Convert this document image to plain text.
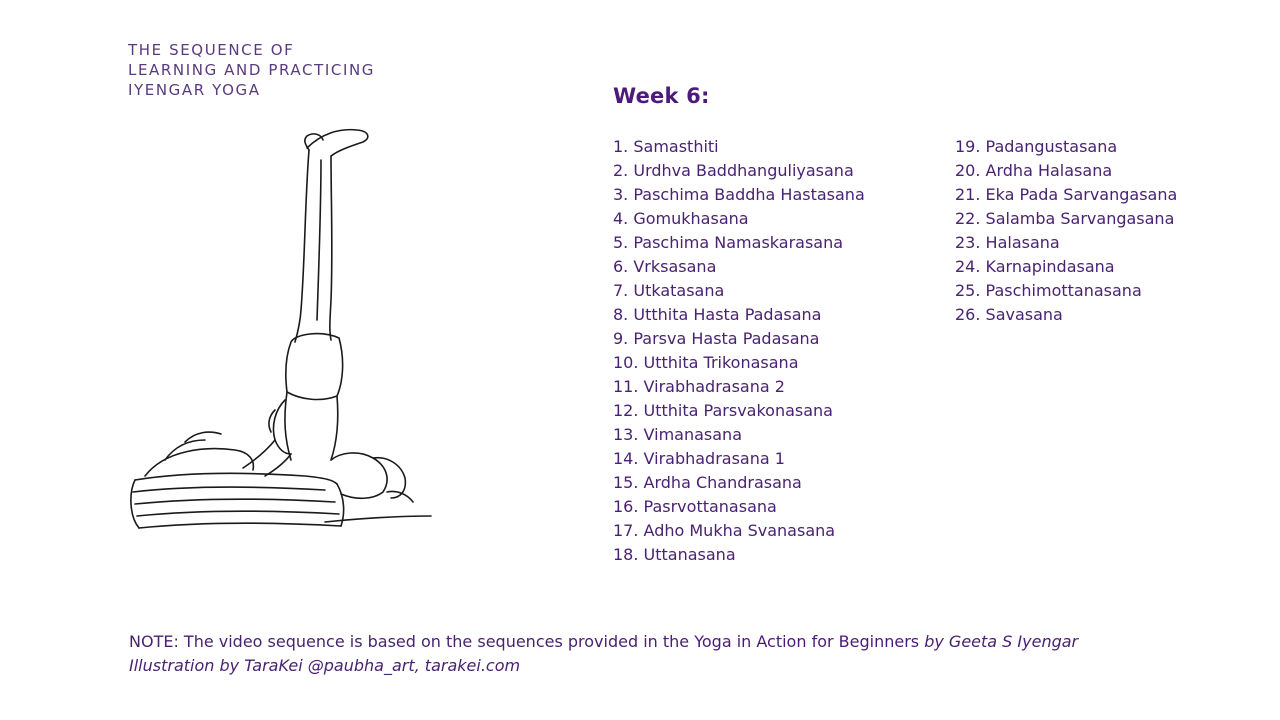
THE SEQUENCE OF
LEARNING AND PRACTICING
IYENGAR YOGA	Week 6:
1. Samasthiti
2. Urdhva Baddhanguliyasana
3. Paschima Baddha Hastasana
4. Gomukhasana
5. Paschima Namaskarasana
6. Vrksasana
7. Utkatasana
8. Utthita Hasta Padasana
9. Parsva Hasta Padasana
10. Utthita Trikonasana
11. Virabhadrasana 2
12. Utthita Parsvakonasana
13. Vimanasana
14. Virabhadrasana 1
15. Ardha Chandrasana
16. Pasrvottanasana
17. Adho Mukha Svanasana
18. Uttanasana
19. Padangustasana
20. Ardha Halasana
21. Eka Pada Sarvangasana
22. Salamba Sarvangasana
23. Halasana
24. Karnapindasana
25. Paschimottanasana
26. Savasana
NOTE: The video sequence is based on the sequences provided in the Yoga in Action for Beginners by Geeta S Iyengar
Illustration by TaraKei @paubha_art, tarakei.com
